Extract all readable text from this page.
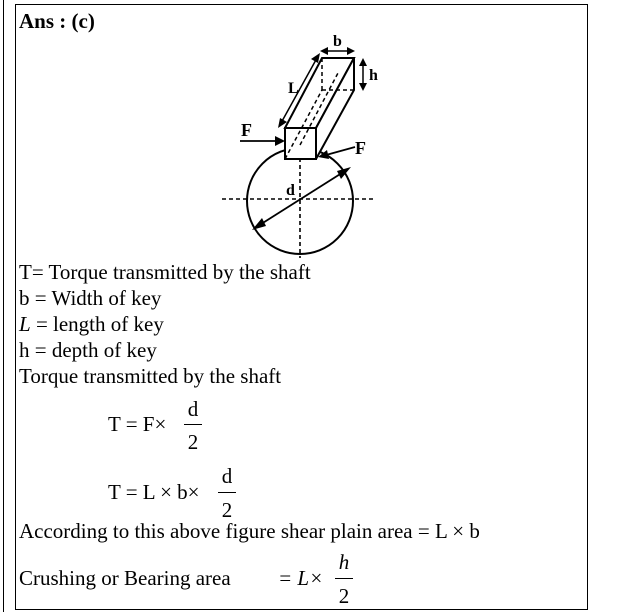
Ans : (c)
b
h
L
F
F
d
T= Torque transmitted by the shaft
b = Width of key
L = length of key
h = depth of key
Torque transmitted by the shaft
T = F×
d
2
T = L × b×
d
2
According to this above figure shear plain area = L × b
Crushing or Bearing area = L×
h
2
